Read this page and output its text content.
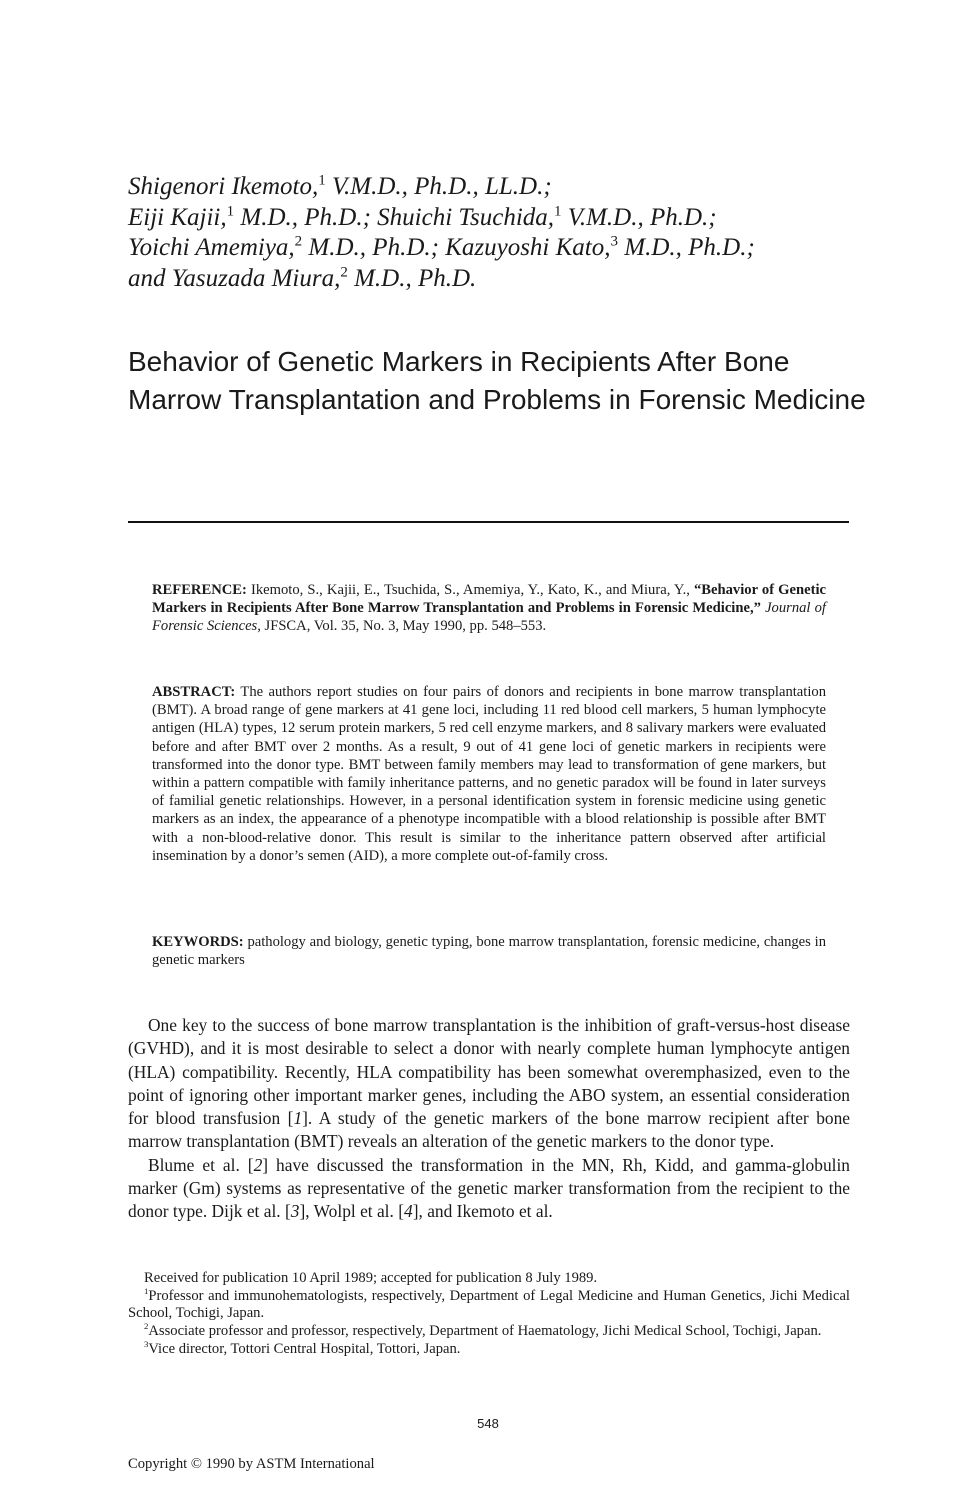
Shigenori Ikemoto,$^1$ V.M.D., Ph.D., LL.D.;
Eiji Kajii,$^1$ M.D., Ph.D.; Shuichi Tsuchida,$^1$ V.M.D., Ph.D.;
Yoichi Amemiya,$^2$ M.D., Ph.D.; Kazuyoshi Kato,$^3$ M.D., Ph.D.;
and Yasuzada Miura,$^2$ M.D., Ph.D.
Behavior of Genetic Markers in Recipients After Bone Marrow Transplantation and Problems in Forensic Medicine

REFERENCE: Ikemoto, S., Kajii, E., Tsuchida, S., Amemiya, Y., Kato, K., and Miura, Y., “Behavior of Genetic Markers in Recipients After Bone Marrow Transplantation and Problems in Forensic Medicine,” Journal of Forensic Sciences, JFSCA, Vol. 35, No. 3, May 1990, pp. 548–553.

ABSTRACT: The authors report studies on four pairs of donors and recipients in bone marrow transplantation (BMT). A broad range of gene markers at 41 gene loci, including 11 red blood cell markers, 5 human lymphocyte antigen (HLA) types, 12 serum protein markers, 5 red cell enzyme markers, and 8 salivary markers were evaluated before and after BMT over 2 months. As a result, 9 out of 41 gene loci of genetic markers in recipients were transformed into the donor type. BMT between family members may lead to transformation of gene markers, but within a pattern compatible with family inheritance patterns, and no genetic paradox will be found in later surveys of familial genetic relationships. However, in a personal identification system in forensic medicine using genetic markers as an index, the appearance of a phenotype incompatible with a blood relationship is possible after BMT with a non-blood-relative donor. This result is similar to the inheritance pattern observed after artificial insemination by a donor’s semen (AID), a more complete out-of-family cross.

KEYWORDS: pathology and biology, genetic typing, bone marrow transplantation, forensic medicine, changes in genetic markers

One key to the success of bone marrow transplantation is the inhibition of graft-versus-host disease (GVHD), and it is most desirable to select a donor with nearly complete human lymphocyte antigen (HLA) compatibility. Recently, HLA compatibility has been somewhat overemphasized, even to the point of ignoring other important marker genes, including the ABO system, an essential consideration for blood transfusion [1]. A study of the genetic markers of the bone marrow recipient after bone marrow transplantation (BMT) reveals an alteration of the genetic markers to the donor type.

Blume et al. [2] have discussed the transformation in the MN, Rh, Kidd, and gamma-globulin marker (Gm) systems as representative of the genetic marker transformation from the recipient to the donor type. Dijk et al. [3], Wolpl et al. [4], and Ikemoto et al.

Received for publication 10 April 1989; accepted for publication 8 July 1989.

$^1$Professor and immunohematologists, respectively, Department of Legal Medicine and Human Genetics, Jichi Medical School, Tochigi, Japan.

$^2$Associate professor and professor, respectively, Department of Haematology, Jichi Medical School, Tochigi, Japan.

$^3$Vice director, Tottori Central Hospital, Tottori, Japan.

548
Copyright © 1990 by ASTM International
